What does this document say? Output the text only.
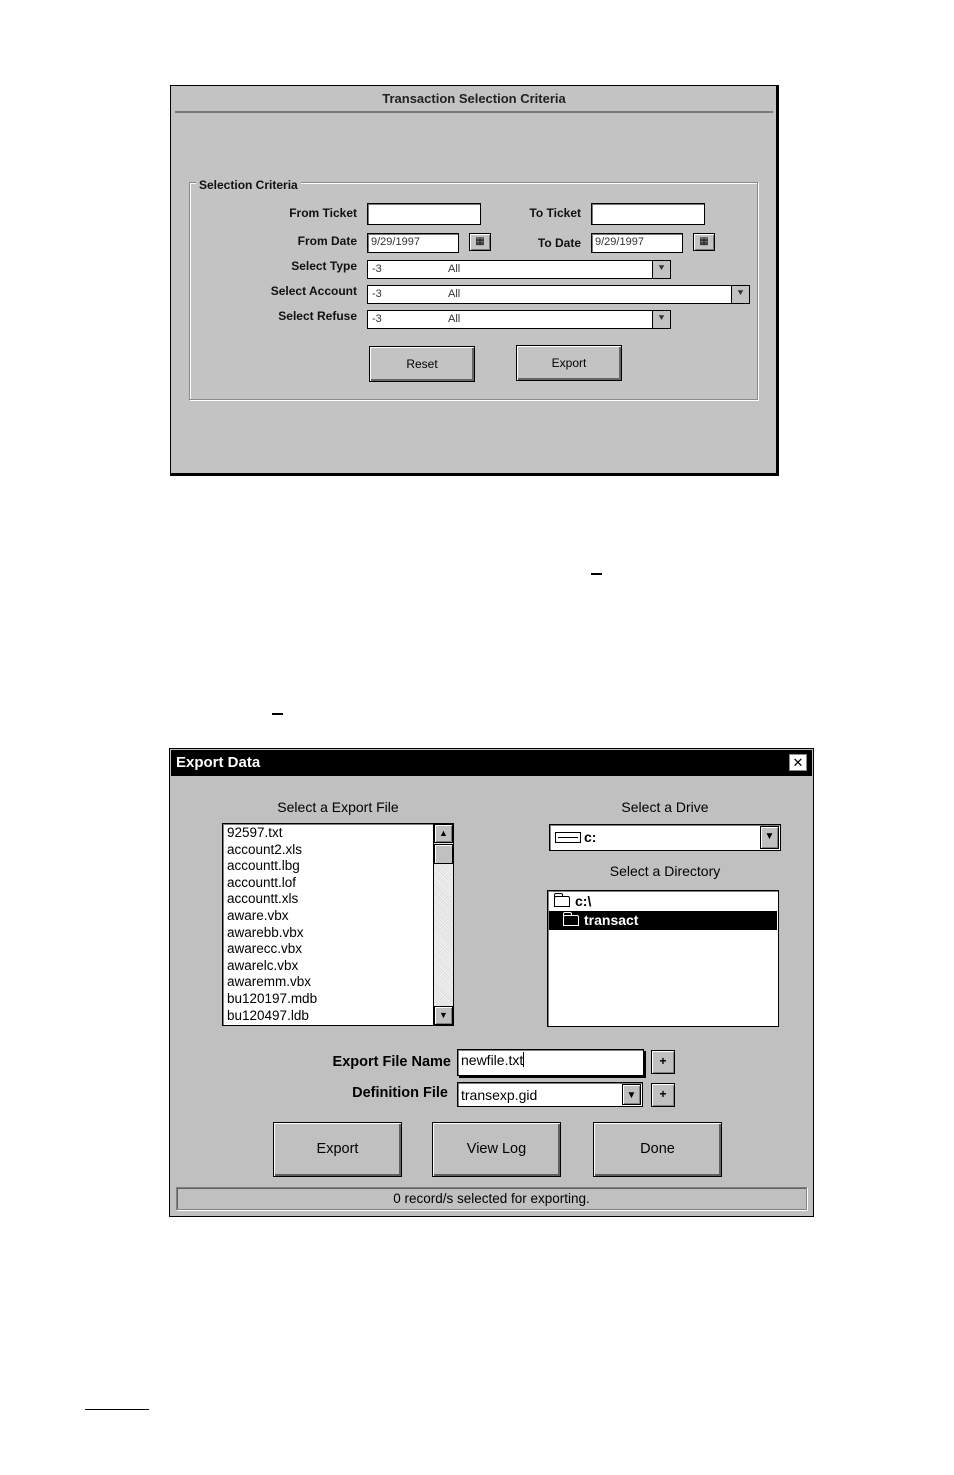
Transaction Selection Criteria
Selection Criteria
From Ticket	To Ticket
From Date	9/29/1997	▦	To Date	9/29/1997	▦
Select Type -3	All	⯆
Select Account -3	All	⯆
Select Refuse -3	All	⯆
Reset	Export
Export Data	✕
Select a Export File
92597.txt
account2.xls
accountt.lbg
accountt.lof
accountt.xls
aware.vbx
awarebb.vbx
awarecc.vbx
awarelc.vbx
awaremm.vbx
bu120197.mdb
bu120497.ldb
▲
▼
Select a Drive
c:	▼
Select a Directory
c:\
transact
Export File Name newfile.txt	+
Definition File transexp.gid	▼	+
Export	View Log	Done
0 record/s selected for exporting.
